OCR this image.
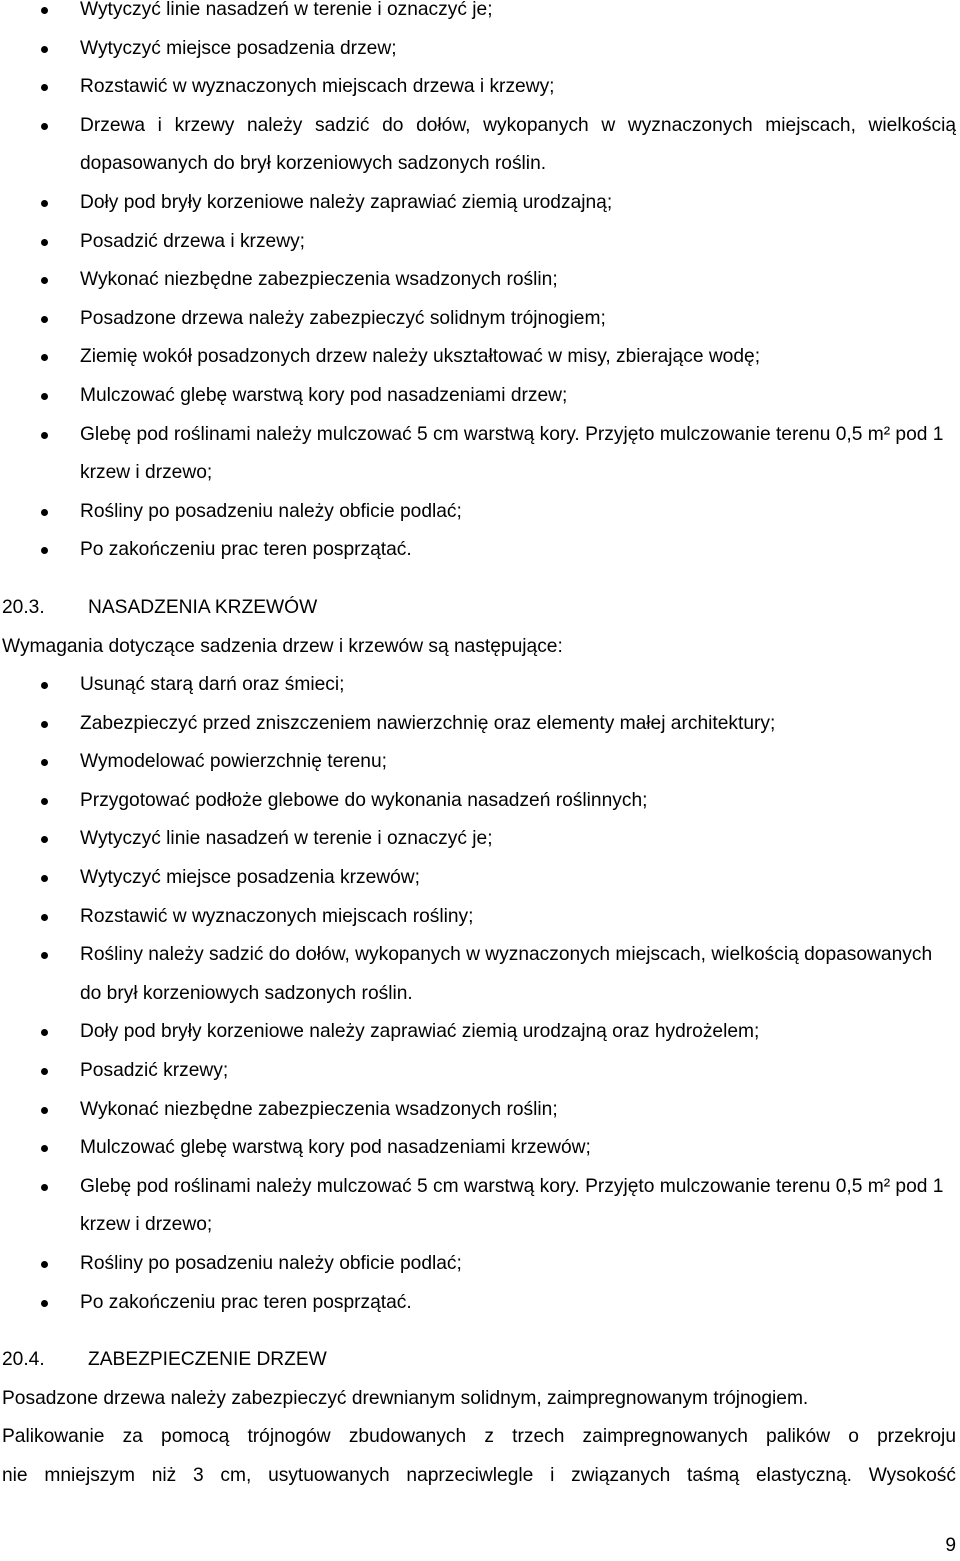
Wytyczyć linie nasadzeń w terenie i oznaczyć je;
Wytyczyć miejsce posadzenia drzew;
Rozstawić w wyznaczonych miejscach drzewa i krzewy;
Drzewa i krzewy należy sadzić do dołów, wykopanych w wyznaczonych miejscach, wielkością dopasowanych do brył korzeniowych sadzonych roślin.
Doły pod bryły korzeniowe należy zaprawiać ziemią urodzajną;
Posadzić drzewa i krzewy;
Wykonać niezbędne zabezpieczenia wsadzonych roślin;
Posadzone drzewa należy zabezpieczyć solidnym trójnogiem;
Ziemię wokół posadzonych drzew należy ukształtować w misy, zbierające wodę;
Mulczować glebę warstwą kory pod nasadzeniami drzew;
Glebę pod roślinami należy mulczować 5 cm warstwą kory. Przyjęto mulczowanie terenu 0,5 m² pod 1 krzew i drzewo;
Rośliny po posadzeniu należy obficie podlać;
Po zakończeniu prac teren posprzątać.
20.3. NASADZENIA KRZEWÓW
Wymagania dotyczące sadzenia drzew i krzewów są następujące:
Usunąć starą darń oraz śmieci;
Zabezpieczyć przed zniszczeniem nawierzchnię oraz elementy małej architektury;
Wymodelować powierzchnię terenu;
Przygotować podłoże glebowe do wykonania nasadzeń roślinnych;
Wytyczyć linie nasadzeń w terenie i oznaczyć je;
Wytyczyć miejsce posadzenia krzewów;
Rozstawić w wyznaczonych miejscach rośliny;
Rośliny należy sadzić do dołów, wykopanych w wyznaczonych miejscach, wielkością dopasowanych do brył korzeniowych sadzonych roślin.
Doły pod bryły korzeniowe należy zaprawiać ziemią urodzajną oraz hydrożelem;
Posadzić krzewy;
Wykonać niezbędne zabezpieczenia wsadzonych roślin;
Mulczować glebę warstwą kory pod nasadzeniami krzewów;
Glebę pod roślinami należy mulczować 5 cm warstwą kory. Przyjęto mulczowanie terenu 0,5 m² pod 1 krzew i drzewo;
Rośliny po posadzeniu należy obficie podlać;
Po zakończeniu prac teren posprzątać.
20.4. ZABEZPIECZENIE DRZEW
Posadzone drzewa należy zabezpieczyć drewnianym solidnym, zaimpregnowanym trójnogiem.
Palikowanie za pomocą trójnogów zbudowanych z trzech zaimpregnowanych palików o przekroju
nie mniejszym niż 3 cm, usytuowanych naprzeciwlegle i związanych taśmą elastyczną. Wysokość
9
